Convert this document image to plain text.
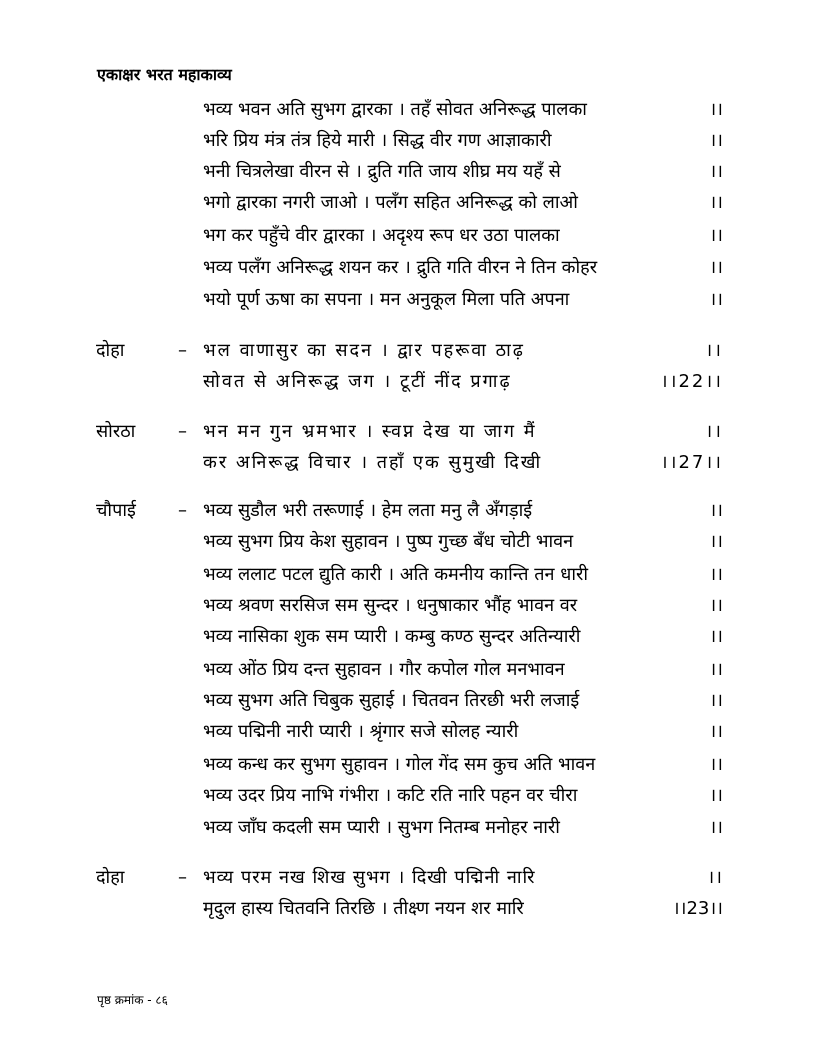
एकाक्षर भरत महाकाव्य
भव्य भवन अति सुभग द्वारका । तहँ सोवत अनिरूद्ध पालका	।।
भरि प्रिय मंत्र तंत्र हिये मारी । सिद्ध वीर गण आज्ञाकारी	।।
भनी चित्रलेखा वीरन से । द्रुति गति जाय शीघ्र मय यहँ से	।।
भगो द्वारका नगरी जाओ । पलँग सहित अनिरूद्ध को लाओ	।।
भग कर पहुँचे वीर द्वारका । अदृश्य रूप धर उठा पालका	।।
भव्य पलँग अनिरूद्ध शयन कर । द्रुति गति वीरन ने तिन कोहर	।।
भयो पूर्ण ऊषा का सपना । मन अनुकूल मिला पति अपना	।।
दोहा	– भल वाणासुर का सदन । द्वार पहरूवा ठाढ़	।।
सोवत से अनिरूद्ध जग । टूटीं नींद प्रगाढ़	।।22।।
सोरठा – भन मन गुन भ्रमभार । स्वप्न देख या जाग मैं	।।
कर अनिरूद्ध विचार । तहाँ एक सुमुखी दिखी	।।27।।
चौपाई – भव्य सुडौल भरी तरूणाई । हेम लता मनु लै अँगड़ाई	।।
भव्य सुभग प्रिय केश सुहावन । पुष्प गुच्छ बँध चोटी भावन	।।
भव्य ललाट पटल द्युति कारी । अति कमनीय कान्ति तन धारी	।।
भव्य श्रवण सरसिज सम सुन्दर । धनुषाकार भौंह भावन वर	।।
भव्य नासिका शुक सम प्यारी । कम्बु कण्ठ सुन्दर अतिन्यारी	।।
भव्य ओंठ प्रिय दन्त सुहावन । गौर कपोल गोल मनभावन	।।
भव्य सुभग अति चिबुक सुहाई । चितवन तिरछी भरी लजाई	।।
भव्य पद्मिनी नारी प्यारी । श्रृंगार सजे सोलह न्यारी	।।
भव्य कन्ध कर सुभग सुहावन । गोल गेंद सम कुच अति भावन	।।
भव्य उदर प्रिय नाभि गंभीरा । कटि रति नारि पहन वर चीरा	।।
भव्य जाँघ कदली सम प्यारी । सुभग नितम्ब मनोहर नारी	।।
दोहा	– भव्य परम नख शिख सुभग । दिखी पद्मिनी नारि	।।
मृदुल हास्य चितवनि तिरछि । तीक्ष्ण नयन शर मारि	।।23।।
पृष्ठ क्रमांक - ८६
